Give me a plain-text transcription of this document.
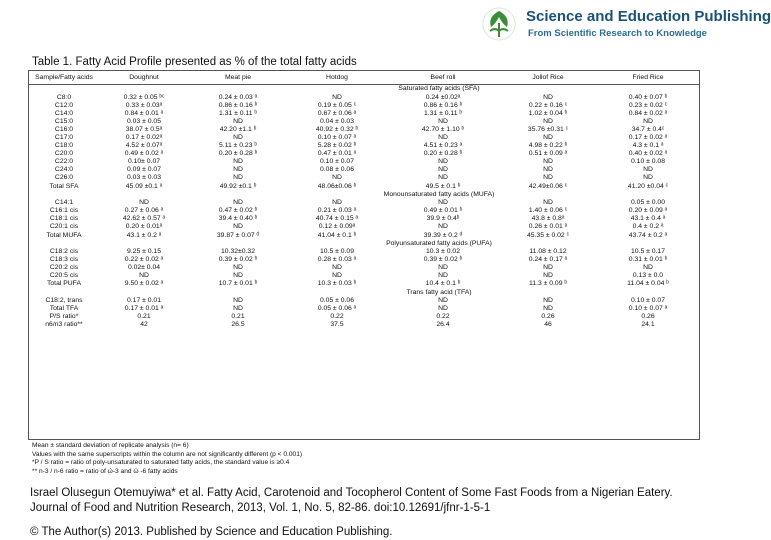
Science and Education Publishing
From Scientific Research to Knowledge
Table 1. Fatty Acid Profile presented as % of the total fatty acids
Sample/Fatty acids	Doughnut	Meat pie	Hotdog	Beef roll	Jollof Rice	Fried Rice
Saturated fatty acids (SFA)						
C8:0	0.32 ± 0.05 ᵇᶜ	0.24 ± 0.03 ᵃ	ND	0.24 ±0.02ᵃ	ND	0.40 ± 0.07 ᵇ
C12:0	0.33 ± 0.03ᵃ	0.86 ± 0.16 ᵇ	0.19 ± 0.05 ᶜ	0.86 ± 0.16 ᵇ	0.22 ± 0.16 ᶜ	0.23 ± 0.02 ᶜ
C14:0	0.84 ± 0.01 ᵃ	1.31 ± 0.11 ᵇ	0.67 ± 0.06 ᵃ	1.31 ± 0.11 ᵇ	1.02 ± 0.04 ᵇ	0.84 ± 0.02 ᵃ
C15:0	0.03 ± 0.05	ND	0.04 ± 0.03	ND	ND	ND
C16:0	38.07 ± 0.5ᵃ	42.20 ±1.1 ᵇ	40.92 ± 0.32 ᵇ	42.70 ± 1.10 ᵇ	35.76 ±0.31 ᶜ	34.7 ± 0.4ᶜ
C17:0	0.17 ± 0.02ᵃ	ND	0.10 ± 0.07 ᵃ	ND	ND	0.17 ± 0.02 ᵃ
C18:0	4.52 ± 0.07ᵃ	5.11 ± 0.23 ᵇ	5.28 ± 0.02 ᵇ	4.51 ± 0.23 ᵃ	4.98 ± 0.22 ᵇ	4.3 ± 0.1 ᵃ
C20:0	0.49 ± 0.02 ᵃ	0.20 ± 0.28 ᵇ	0.47 ± 0.01 ᵃ	0.20 ± 0.28 ᵇ	0.51 ± 0.09 ᵃ	0.40 ± 0.02 ᵃ
C22:0	0.10± 0.07	ND	0.10 ± 0.07	ND	ND	0.10 ± 0.08
C24:0	0.09 ± 0.07	ND	0.08 ± 0.06	ND	ND	ND
C26:0	0.03 ± 0.03	ND	ND	ND	ND	ND
Total SFA	45.09 ±0.1 ᵃ	49.92 ±0.1 ᵇ	48.06±0.06 ᵇ	49.5 ± 0.1 ᵇ	42.49±0.06 ᶜ	41.20 ±0.04 ᶜ
Monounsaturated fatty acids (MUFA)						
C14:1	ND	ND	ND	ND	ND	0.05 ± 0.00
C16:1 cis	0.27 ± 0.06 ᵃ	0.47 ± 0.02 ᵇ	0.21 ± 0.03 ᵃ	0.49 ± 0.01 ᵇ	1.40 ± 0.06 ᶜ	0.20 ± 0.09 ᵃ
C18:1 cis	42.62 ± 0.57 ᵃ	39.4 ± 0.40 ᵇ	40.74 ± 0.15 ᵃ	39.9 ± 0.4ᵇ	43.8 ± 0.8ᵃ	43.1 ± 0.4 ᵃ
C20:1 cis	0.20 ± 0.01ᵃ	ND	0.12 ± 0.09ᵃ	ND	0.26 ± 0.01 ᵃ	0.4 ± 0.2 ᵃ
Total MUFA	43.1 ± 0.2 ᵃ	39.87 ± 0.07 ᵈ	41.04 ± 0.1 ᵇ	39.39 ± 0.2 ᵈ	45.35 ± 0.02 ᶜ	43.74 ± 0.2 ᵃ
Polyunsaturated fatty acids (PUFA)						
C18:2 cis	9.25 ± 0.15	10.32±0.32	10.5 ± 0.09	10.3 ± 0.02	11.08 ± 0.12	10.5 ± 0.17
C18:3 cis	0.22 ± 0.02 ᵃ	0.39 ± 0.02 ᵇ	0.28 ± 0.03 ᵃ	0.39 ± 0.02 ᵇ	0.24 ± 0.17 ᵃ	0.31 ± 0.01 ᵇ
C20:2 cis	0.02± 0.04	ND	ND	ND	ND	ND
C20:5 cis	ND	ND	ND	ND	ND	0.13 ± 0.0
Total PUFA	9.50 ± 0.02 ᵃ	10.7 ± 0.01 ᵇ	10.3 ± 0.03 ᵇ	10.4 ± 0.1 ᵇ	11.3 ± 0.09 ᵇ	11.04 ± 0.04 ᵇ
Trans fatty acid (TFA)						
C18:2, trans	0.17 ± 0.01	ND	0.05 ± 0.06	ND	ND	0.10 ± 0.07
Total TFA	0.17 ± 0.01 ᵃ	ND	0.05 ± 0.06 ᵃ	ND	ND	0.10 ± 0.07 ᵃ
P/S ratio*	0.21	0.21	0.22	0.22	0.26	0.26
n6/n3 ratio**	42	26.5	37.5	26.4	46	24.1
Mean ± standard deviation of replicate analysis (n= 6)
Values with the same superscripts within the column are not significantly different (p < 0.001)
*P / S ratio = ratio of poly-unsaturated to saturated fatty acids, the standard value is ≥0.4
** n-3 / n-6 ratio = ratio of ώ-3 and ώ -6 fatty acids
Israel Olusegun Otemuyiwa* et al. Fatty Acid, Carotenoid and Tocopherol Content of Some Fast Foods from a Nigerian Eatery. Journal of Food and Nutrition Research, 2013, Vol. 1, No. 5, 82-86. doi:10.12691/jfnr-1-5-1
© The Author(s) 2013. Published by Science and Education Publishing.
